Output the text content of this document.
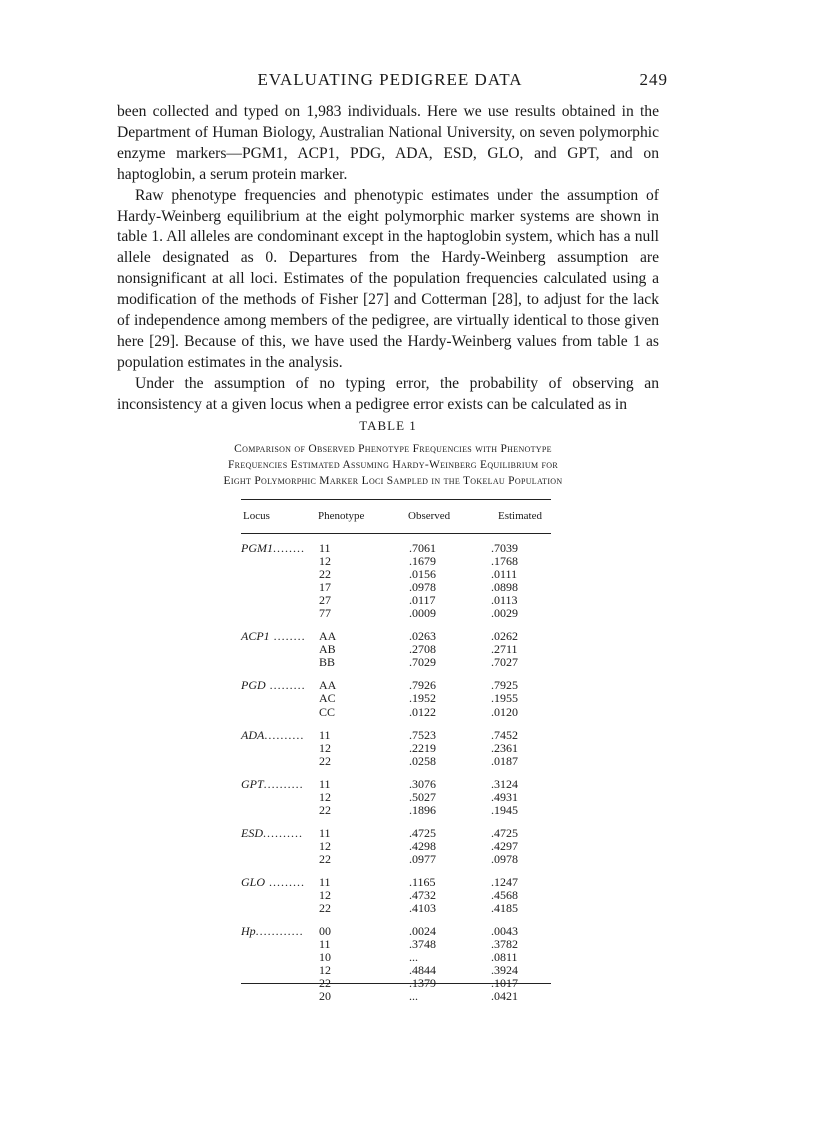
EVALUATING PEDIGREE DATA	249

been collected and typed on 1,983 individuals. Here we use results obtained in the Department of Human Biology, Australian National University, on seven polymorphic enzyme markers—PGM1, ACP1, PDG, ADA, ESD, GLO, and GPT, and on haptoglobin, a serum protein marker.

Raw phenotype frequencies and phenotypic estimates under the assumption of Hardy-Weinberg equilibrium at the eight polymorphic marker systems are shown in table 1. All alleles are condominant except in the haptoglobin system, which has a null allele designated as 0. Departures from the Hardy-Weinberg assumption are nonsignificant at all loci. Estimates of the population frequencies calculated using a modification of the methods of Fisher [27] and Cotterman [28], to adjust for the lack of independence among members of the pedigree, are virtually identical to those given here [29]. Because of this, we have used the Hardy-Weinberg values from table 1 as population estimates in the analysis.

Under the assumption of no typing error, the probability of observing an inconsistency at a given locus when a pedigree error exists can be calculated as in

TABLE 1
Comparison of Observed Phenotype Frequencies with Phenotype Frequencies Estimated Assuming Hardy-Weinberg Equilibrium for Eight Polymorphic Marker Loci Sampled in the Tokelau Population
Locus	Phenotype	Observed	Estimated
PGM1........	11	.7061	.7039
	12	.1679	.1768
	22	.0156	.0111
	17	.0978	.0898
	27	.0117	.0113
	77	.0009	.0029

ACP1 ........	AA	.0263	.0262
	AB	.2708	.2711
	BB	.7029	.7027

PGD .........	AA	.7926	.7925
	AC	.1952	.1955
	CC	.0122	.0120

ADA..........	11	.7523	.7452
	12	.2219	.2361
	22	.0258	.0187

GPT..........	11	.3076	.3124
	12	.5027	.4931
	22	.1896	.1945

ESD..........	11	.4725	.4725
	12	.4298	.4297
	22	.0977	.0978

GLO .........	11	.1165	.1247
	12	.4732	.4568
	22	.4103	.4185

Hp............	00	.0024	.0043
	11	.3748	.3782
	10	...	.0811
	12	.4844	.3924
	22	.1379	.1017
	20	...	.0421
